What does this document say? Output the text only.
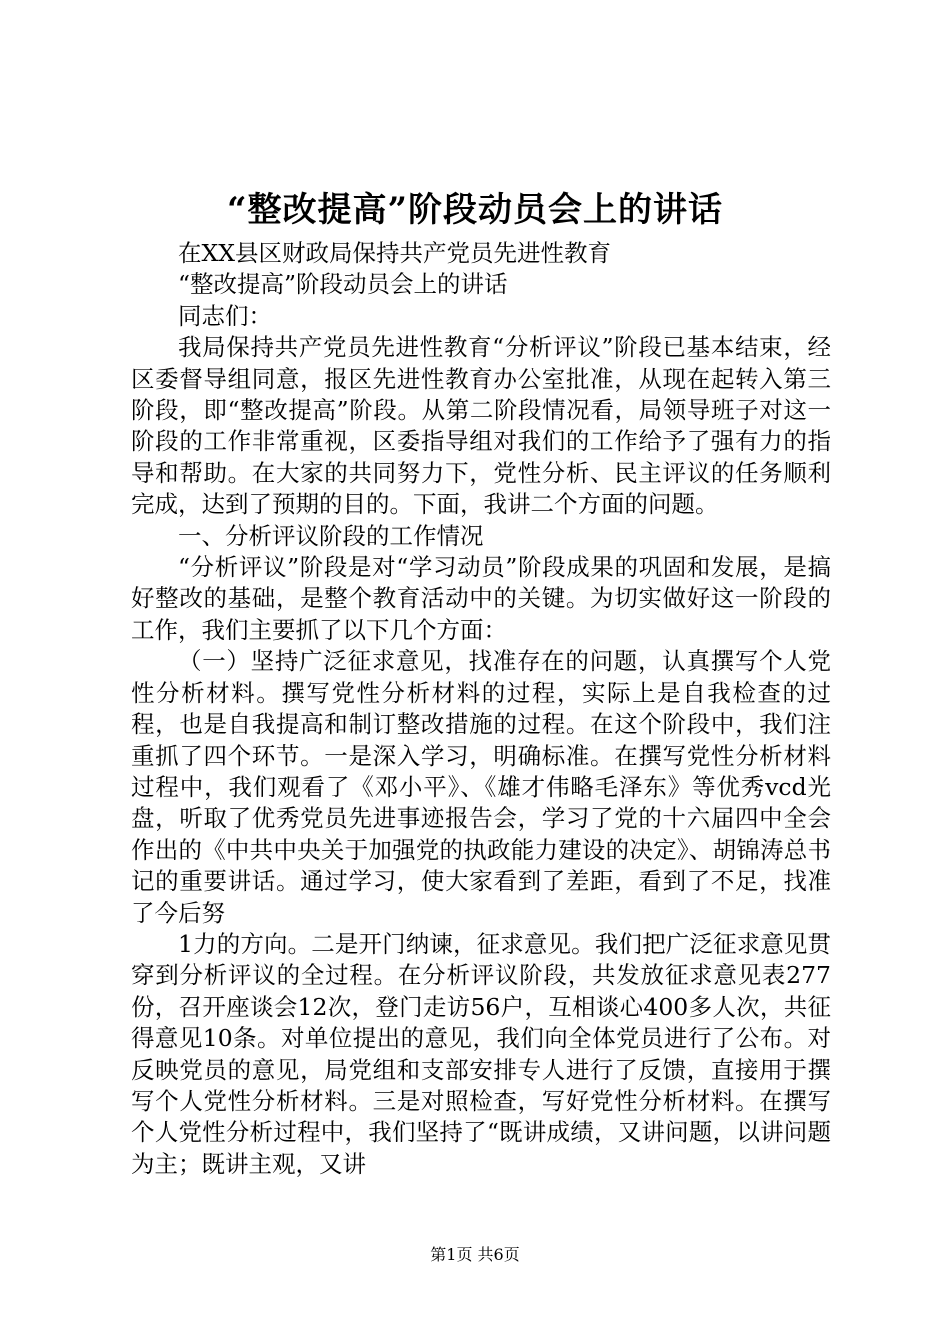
“整改提高”阶段动员会上的讲话

在XX县区财政局保持共产党员先进性教育

“整改提高”阶段动员会上的讲话

同志们：

我局保持共产党员先进性教育“分析评议”阶段已基本结束，经区委督导组同意，报区先进性教育办公室批准，从现在起转入第三阶段，即“整改提高”阶段。从第二阶段情况看，局领导班子对这一阶段的工作非常重视，区委指导组对我们的工作给予了强有力的指导和帮助。在大家的共同努力下，党性分析、民主评议的任务顺利完成，达到了预期的目的。下面，我讲二个方面的问题。

一、分析评议阶段的工作情况

“分析评议”阶段是对“学习动员”阶段成果的巩固和发展，是搞好整改的基础，是整个教育活动中的关键。为切实做好这一阶段的工作，我们主要抓了以下几个方面：

（一）坚持广泛征求意见，找准存在的问题，认真撰写个人党性分析材料。撰写党性分析材料的过程，实际上是自我检查的过程，也是自我提高和制订整改措施的过程。在这个阶段中，我们注重抓了四个环节。一是深入学习，明确标准。在撰写党性分析材料过程中，我们观看了《邓小平》、《雄才伟略毛泽东》等优秀vcd光盘，听取了优秀党员先进事迹报告会，学习了党的十六届四中全会作出的《中共中央关于加强党的执政能力建设的决定》、胡锦涛总书记的重要讲话。通过学习，使大家看到了差距，看到了不足，找准了今后努

1力的方向。二是开门纳谏，征求意见。我们把广泛征求意见贯穿到分析评议的全过程。在分析评议阶段，共发放征求意见表277份，召开座谈会12次，登门走访56户，互相谈心400多人次，共征得意见10条。对单位提出的意见，我们向全体党员进行了公布。对反映党员的意见，局党组和支部安排专人进行了反馈，直接用于撰写个人党性分析材料。三是对照检查，写好党性分析材料。在撰写个人党性分析过程中，我们坚持了“既讲成绩，又讲问题，以讲问题为主；既讲主观，又讲

第1页 共6页
